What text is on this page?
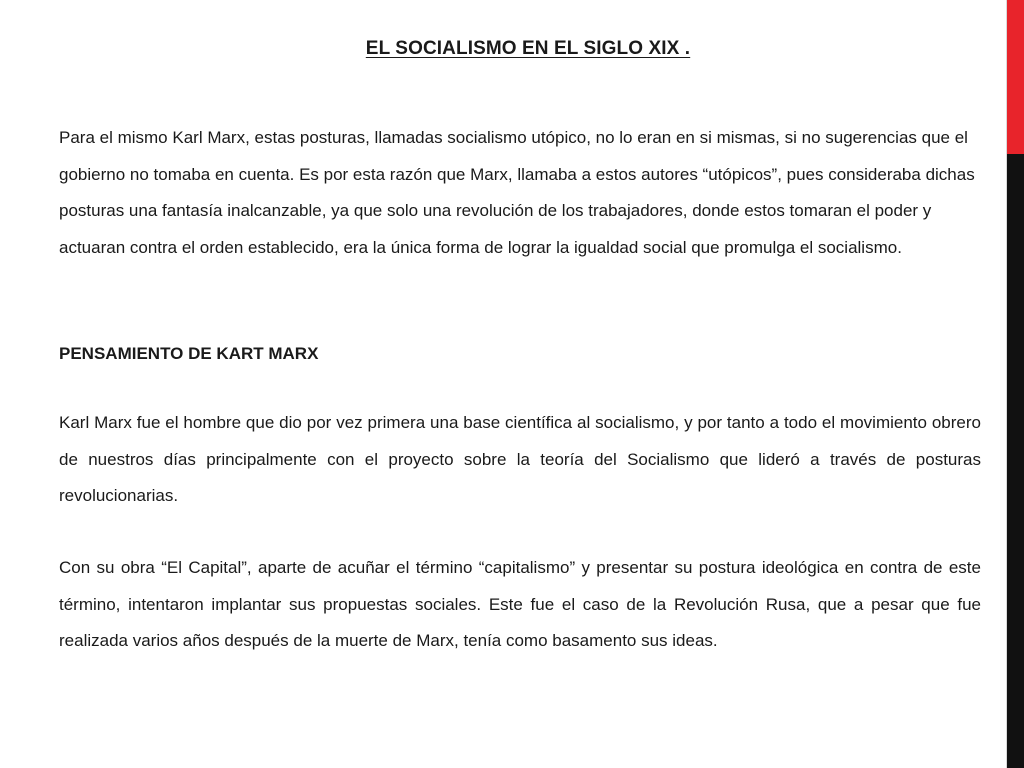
EL SOCIALISMO EN EL SIGLO XIX .

Para el mismo Karl Marx, estas posturas, llamadas socialismo utópico, no lo eran en si mismas, si no sugerencias que el gobierno no tomaba en cuenta. Es por esta razón que Marx, llamaba a estos autores “utópicos”, pues consideraba dichas posturas una fantasía inalcanzable, ya que solo una revolución de los trabajadores, donde estos tomaran el poder y actuaran contra el orden establecido, era la única forma de lograr la igualdad social que promulga el socialismo.

PENSAMIENTO DE KART MARX

Karl Marx fue el hombre que dio por vez primera una base científica al socialismo, y por tanto a todo el movimiento obrero de nuestros días principalmente con el proyecto sobre la teoría del Socialismo que lideró a través de posturas revolucionarias.

Con su obra “El Capital”, aparte de acuñar el término “capitalismo” y presentar su postura ideológica en contra de este término, intentaron implantar sus propuestas sociales. Este fue el caso de la Revolución Rusa, que a pesar que fue realizada varios años después de la muerte de Marx, tenía como basamento sus ideas.
